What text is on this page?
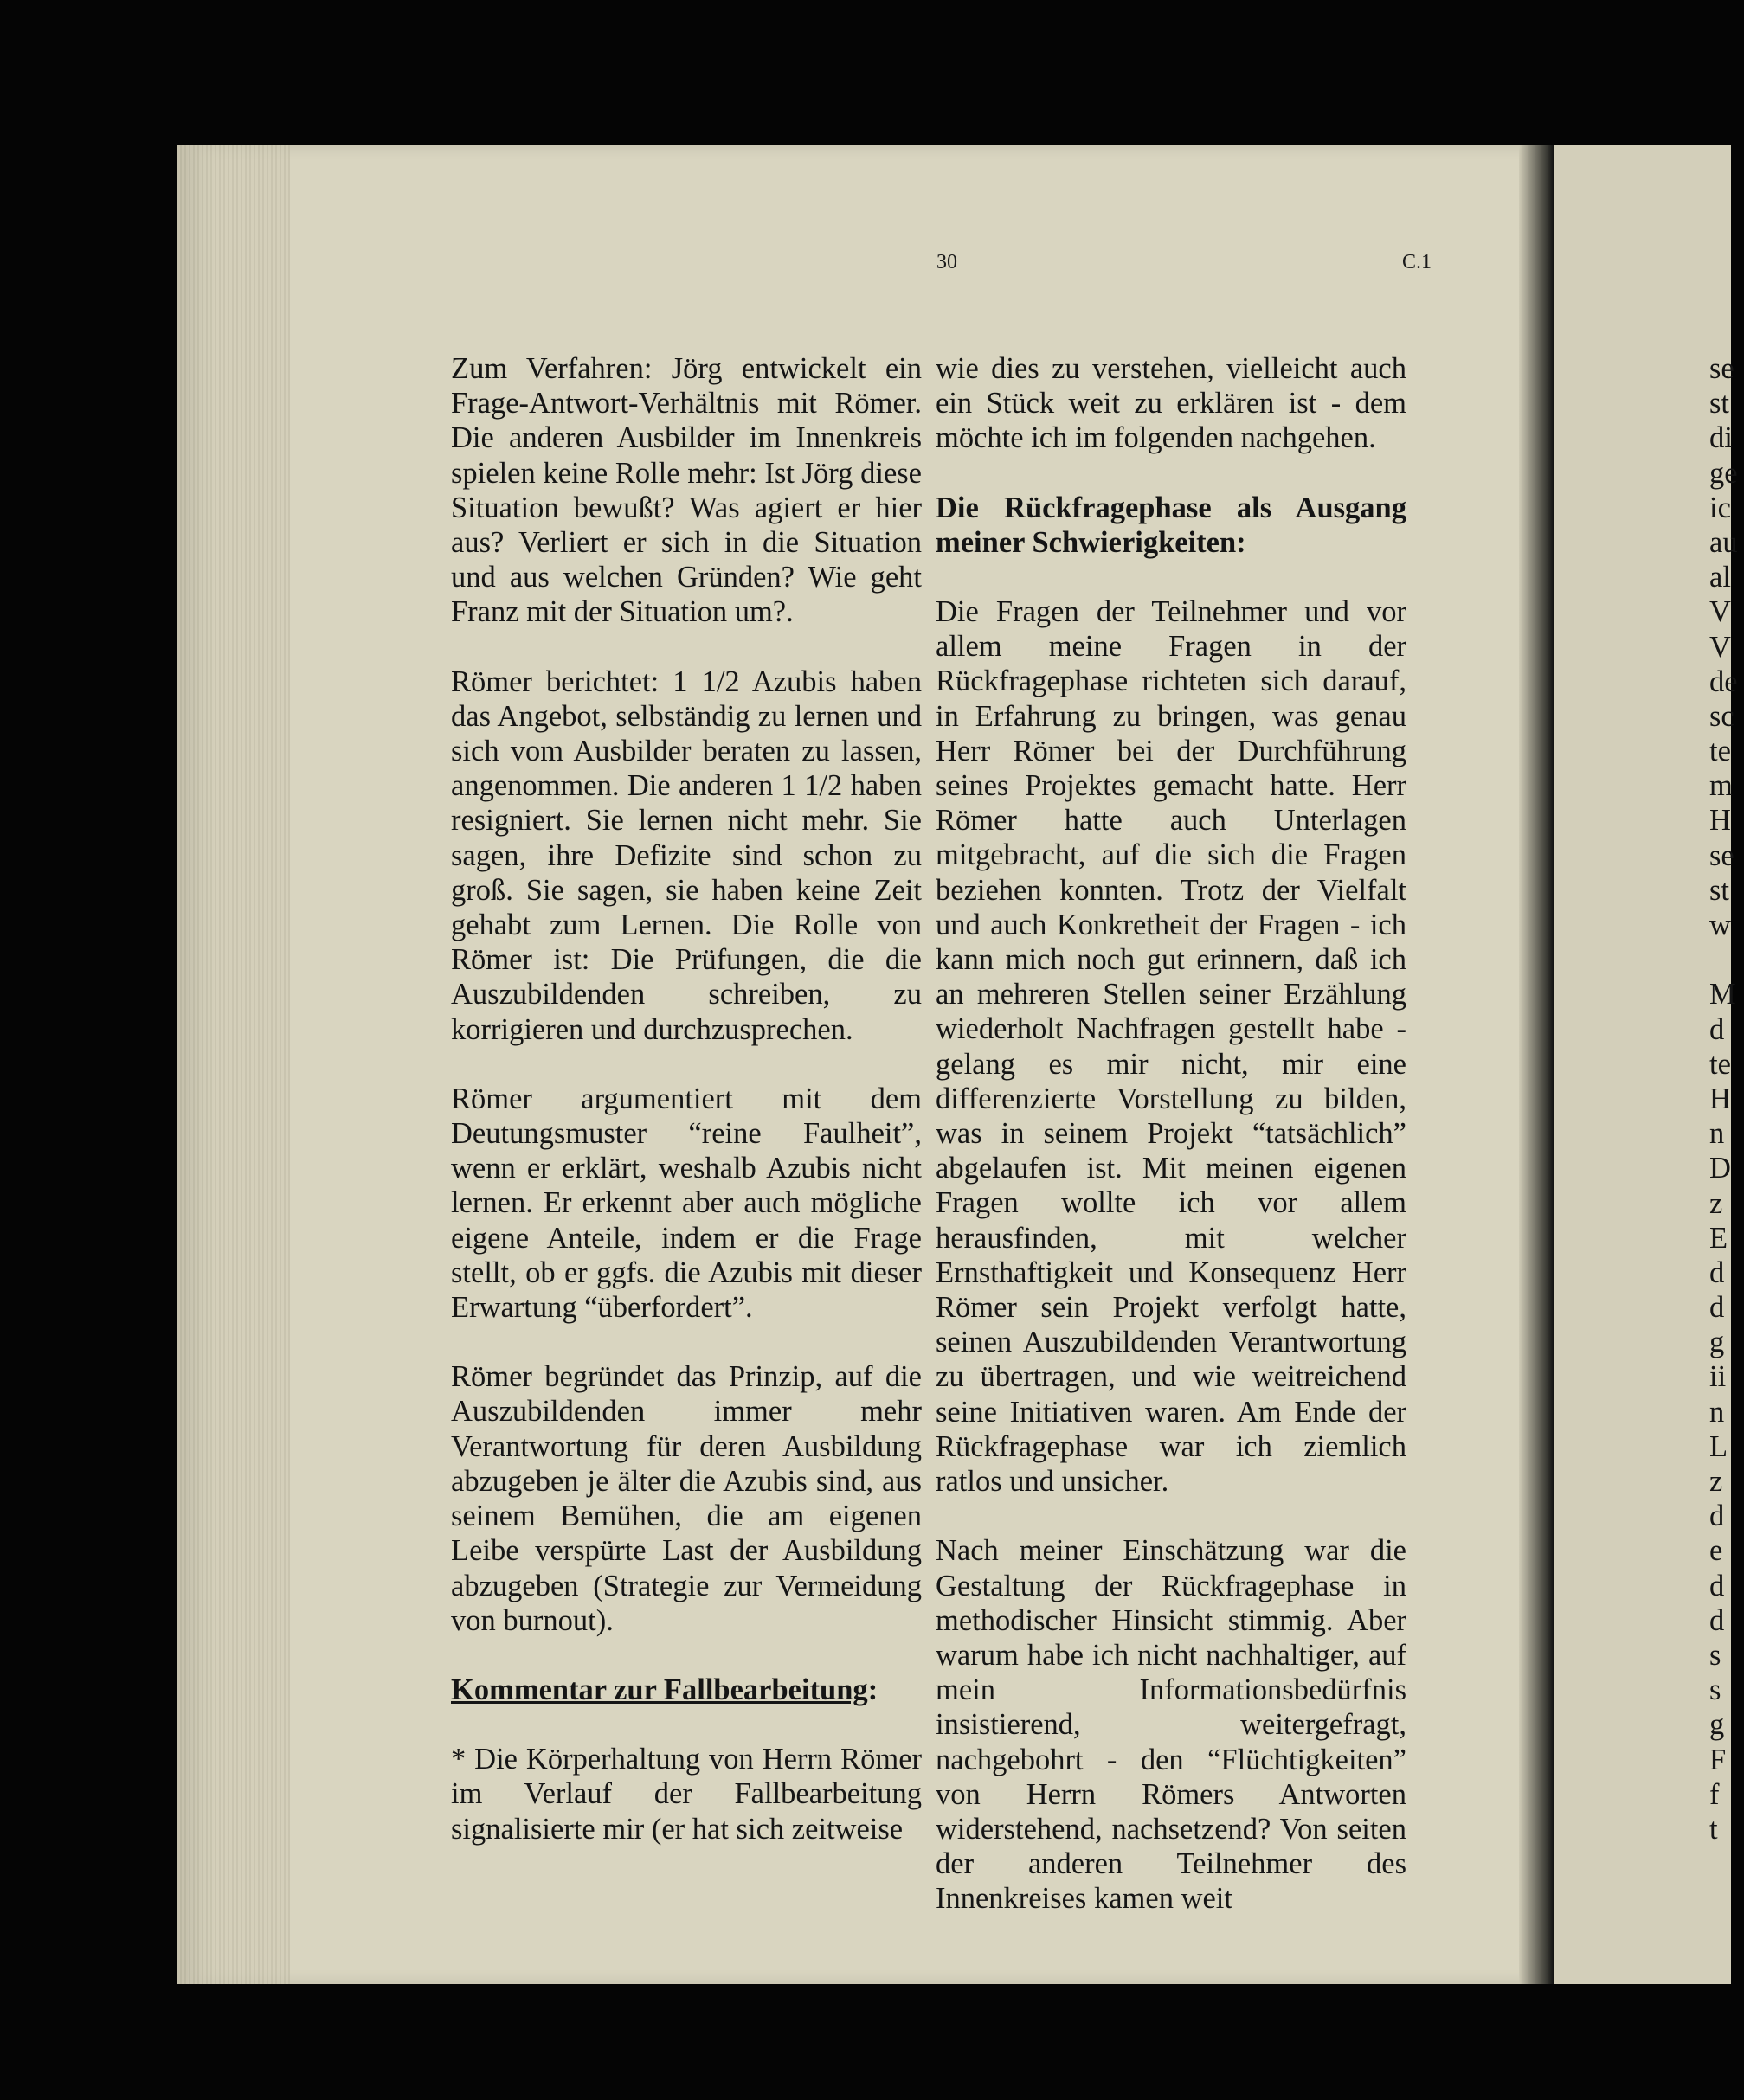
30	C.1

Zum Verfahren: Jörg entwickelt ein Frage-Antwort-Verhältnis mit Römer. Die anderen Ausbilder im Innenkreis spielen keine Rolle mehr: Ist Jörg diese Situation bewußt? Was agiert er hier aus? Verliert er sich in die Situation und aus welchen Gründen? Wie geht Franz mit der Situation um?.

Römer berichtet: 1 1/2 Azubis haben das Angebot, selbständig zu lernen und sich vom Ausbilder beraten zu lassen, angenommen. Die anderen 1 1/2 haben resigniert. Sie lernen nicht mehr. Sie sagen, ihre Defizite sind schon zu groß. Sie sagen, sie haben keine Zeit gehabt zum Lernen. Die Rolle von Römer ist: Die Prüfungen, die die Auszubildenden schreiben, zu korrigieren und durchzusprechen.

Römer argumentiert mit dem Deutungsmuster “reine Faulheit”, wenn er erklärt, weshalb Azubis nicht lernen. Er erkennt aber auch mögliche eigene Anteile, indem er die Frage stellt, ob er ggfs. die Azubis mit dieser Erwartung “überfordert”.

Römer begründet das Prinzip, auf die Auszubildenden immer mehr Verantwortung für deren Ausbildung abzugeben je älter die Azubis sind, aus seinem Bemühen, die am eigenen Leibe verspürte Last der Ausbildung abzugeben (Strategie zur Vermeidung von burnout).

Kommentar zur Fallbearbeitung:

* Die Körperhaltung von Herrn Römer im Verlauf der Fallbearbeitung signalisierte mir (er hat sich zeitweise

wie dies zu verstehen, vielleicht auch ein Stück weit zu erklären ist - dem möchte ich im folgenden nachgehen.

Die Rückfragephase als Ausgang meiner Schwierigkeiten:

Die Fragen der Teilnehmer und vor allem meine Fragen in der Rückfragephase richteten sich darauf, in Erfahrung zu bringen, was genau Herr Römer bei der Durchführung seines Projektes gemacht hatte. Herr Römer hatte auch Unterlagen mitgebracht, auf die sich die Fragen beziehen konnten. Trotz der Vielfalt und auch Konkretheit der Fragen - ich kann mich noch gut erinnern, daß ich an mehreren Stellen seiner Erzählung wiederholt Nachfragen gestellt habe - gelang es mir nicht, mir eine differenzierte Vorstellung zu bilden, was in seinem Projekt “tatsächlich” abgelaufen ist. Mit meinen eigenen Fragen wollte ich vor allem herausfinden, mit welcher Ernsthaftigkeit und Konsequenz Herr Römer sein Projekt verfolgt hatte, seinen Auszubildenden Verantwortung zu übertragen, und wie weitreichend seine Initiativen waren. Am Ende der Rückfragephase war ich ziemlich ratlos und unsicher.

Nach meiner Einschätzung war die Gestaltung der Rückfragephase in methodischer Hinsicht stimmig. Aber warum habe ich nicht nachhaltiger, auf mein Informationsbedürfnis insistierend, weitergefragt, nachgebohrt - den “Flüchtigkeiten” von Herrn Römers Antworten widerstehend, nachsetzend? Von seiten der anderen Teilnehmer des Innenkreises kamen weit

se
st
di
ge
ic
au
al
V
V
de
sc
te
m
H
se
st
w
M
d
te
H
n
D
z
E
d
d
g
ii
n
L
z
d
e
d
d
s
s
g
F
f
t
